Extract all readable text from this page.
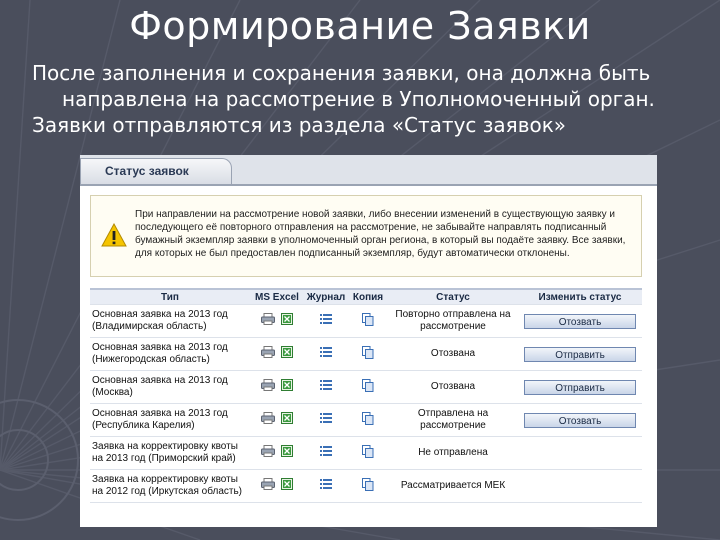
Формирование Заявки

После заполнения и сохранения заявки, она должна быть

направлена на рассмотрение в Уполномоченный орган.

Заявки отправляются из раздела «Статус заявок»

Статус заявок
При направлении на рассмотрение новой заявки, либо внесении изменений в существующую заявку и последующего её повторного отправления на рассмотрение, не забывайте направлять подписанный бумажный экземпляр заявки в уполномоченный орган региона, в который вы подаёте заявку. Все заявки, для которых не был предоставлен подписанный экземпляр, будут автоматически отклонены.
Тип	MS Excel	Журнал	Копия	Статус	Изменить статус
Основная заявка на 2013 год (Владимирская область)				Повторно отправлена на рассмотрение	Отозвать
Основная заявка на 2013 год (Нижегородская область)				Отозвана	Отправить
Основная заявка на 2013 год (Москва)				Отозвана	Отправить
Основная заявка на 2013 год (Республика Карелия)				Отправлена на рассмотрение	Отозвать
Заявка на корректировку квоты на 2013 год (Приморский край)				Не отправлена	
Заявка на корректировку квоты на 2012 год (Иркутская область)				Рассматривается МЕК	
